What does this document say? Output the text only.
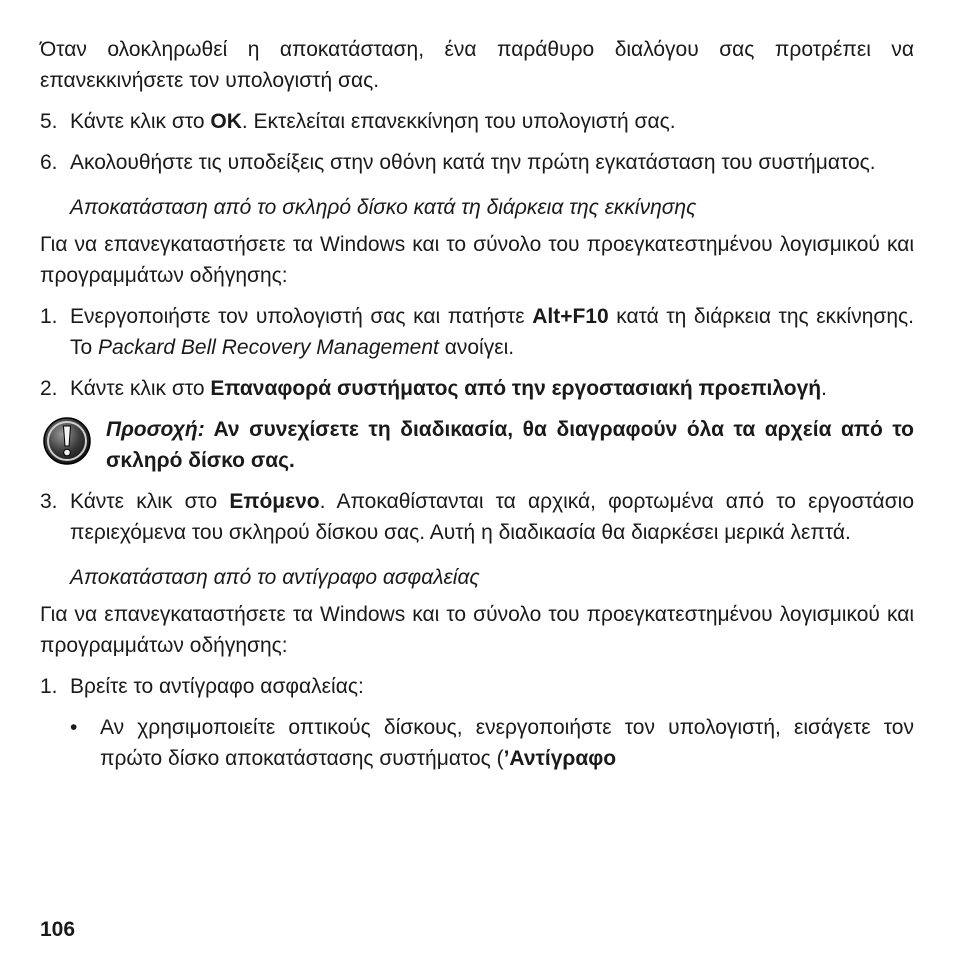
Όταν ολοκληρωθεί η αποκατάσταση, ένα παράθυρο διαλόγου σας προτρέπει να επανεκκινήσετε τον υπολογιστή σας.

5. Κάντε κλικ στο OK. Εκτελείται επανεκκίνηση του υπολογιστή σας.
6. Ακολουθήστε τις υποδείξεις στην οθόνη κατά την πρώτη εγκατάσταση του συστήματος.
Αποκατάσταση από το σκληρό δίσκο κατά τη διάρκεια της εκκίνησης

Για να επανεγκαταστήσετε τα Windows και το σύνολο του προεγκατεστημένου λογισμικού και προγραμμάτων οδήγησης:

1. Ενεργοποιήστε τον υπολογιστή σας και πατήστε Alt+F10 κατά τη διάρκεια της εκκίνησης. Το Packard Bell Recovery Management ανοίγει.
2. Κάντε κλικ στο Επαναφορά συστήματος από την εργοστασιακή προεπιλογή.
Προσοχή: Αν συνεχίσετε τη διαδικασία, θα διαγραφούν όλα τα αρχεία από το σκληρό δίσκο σας.
3. Κάντε κλικ στο Επόμενο. Αποκαθίστανται τα αρχικά, φορτωμένα από το εργοστάσιο περιεχόμενα του σκληρού δίσκου σας. Αυτή η διαδικασία θα διαρκέσει μερικά λεπτά.
Αποκατάσταση από το αντίγραφο ασφαλείας

Για να επανεγκαταστήσετε τα Windows και το σύνολο του προεγκατεστημένου λογισμικού και προγραμμάτων οδήγησης:

1. Βρείτε το αντίγραφο ασφαλείας:
•	Αν χρησιμοποιείτε οπτικούς δίσκους, ενεργοποιήστε τον υπολογιστή, εισάγετε τον πρώτο δίσκο αποκατάστασης συστήματος (’Αντίγραφο
106
